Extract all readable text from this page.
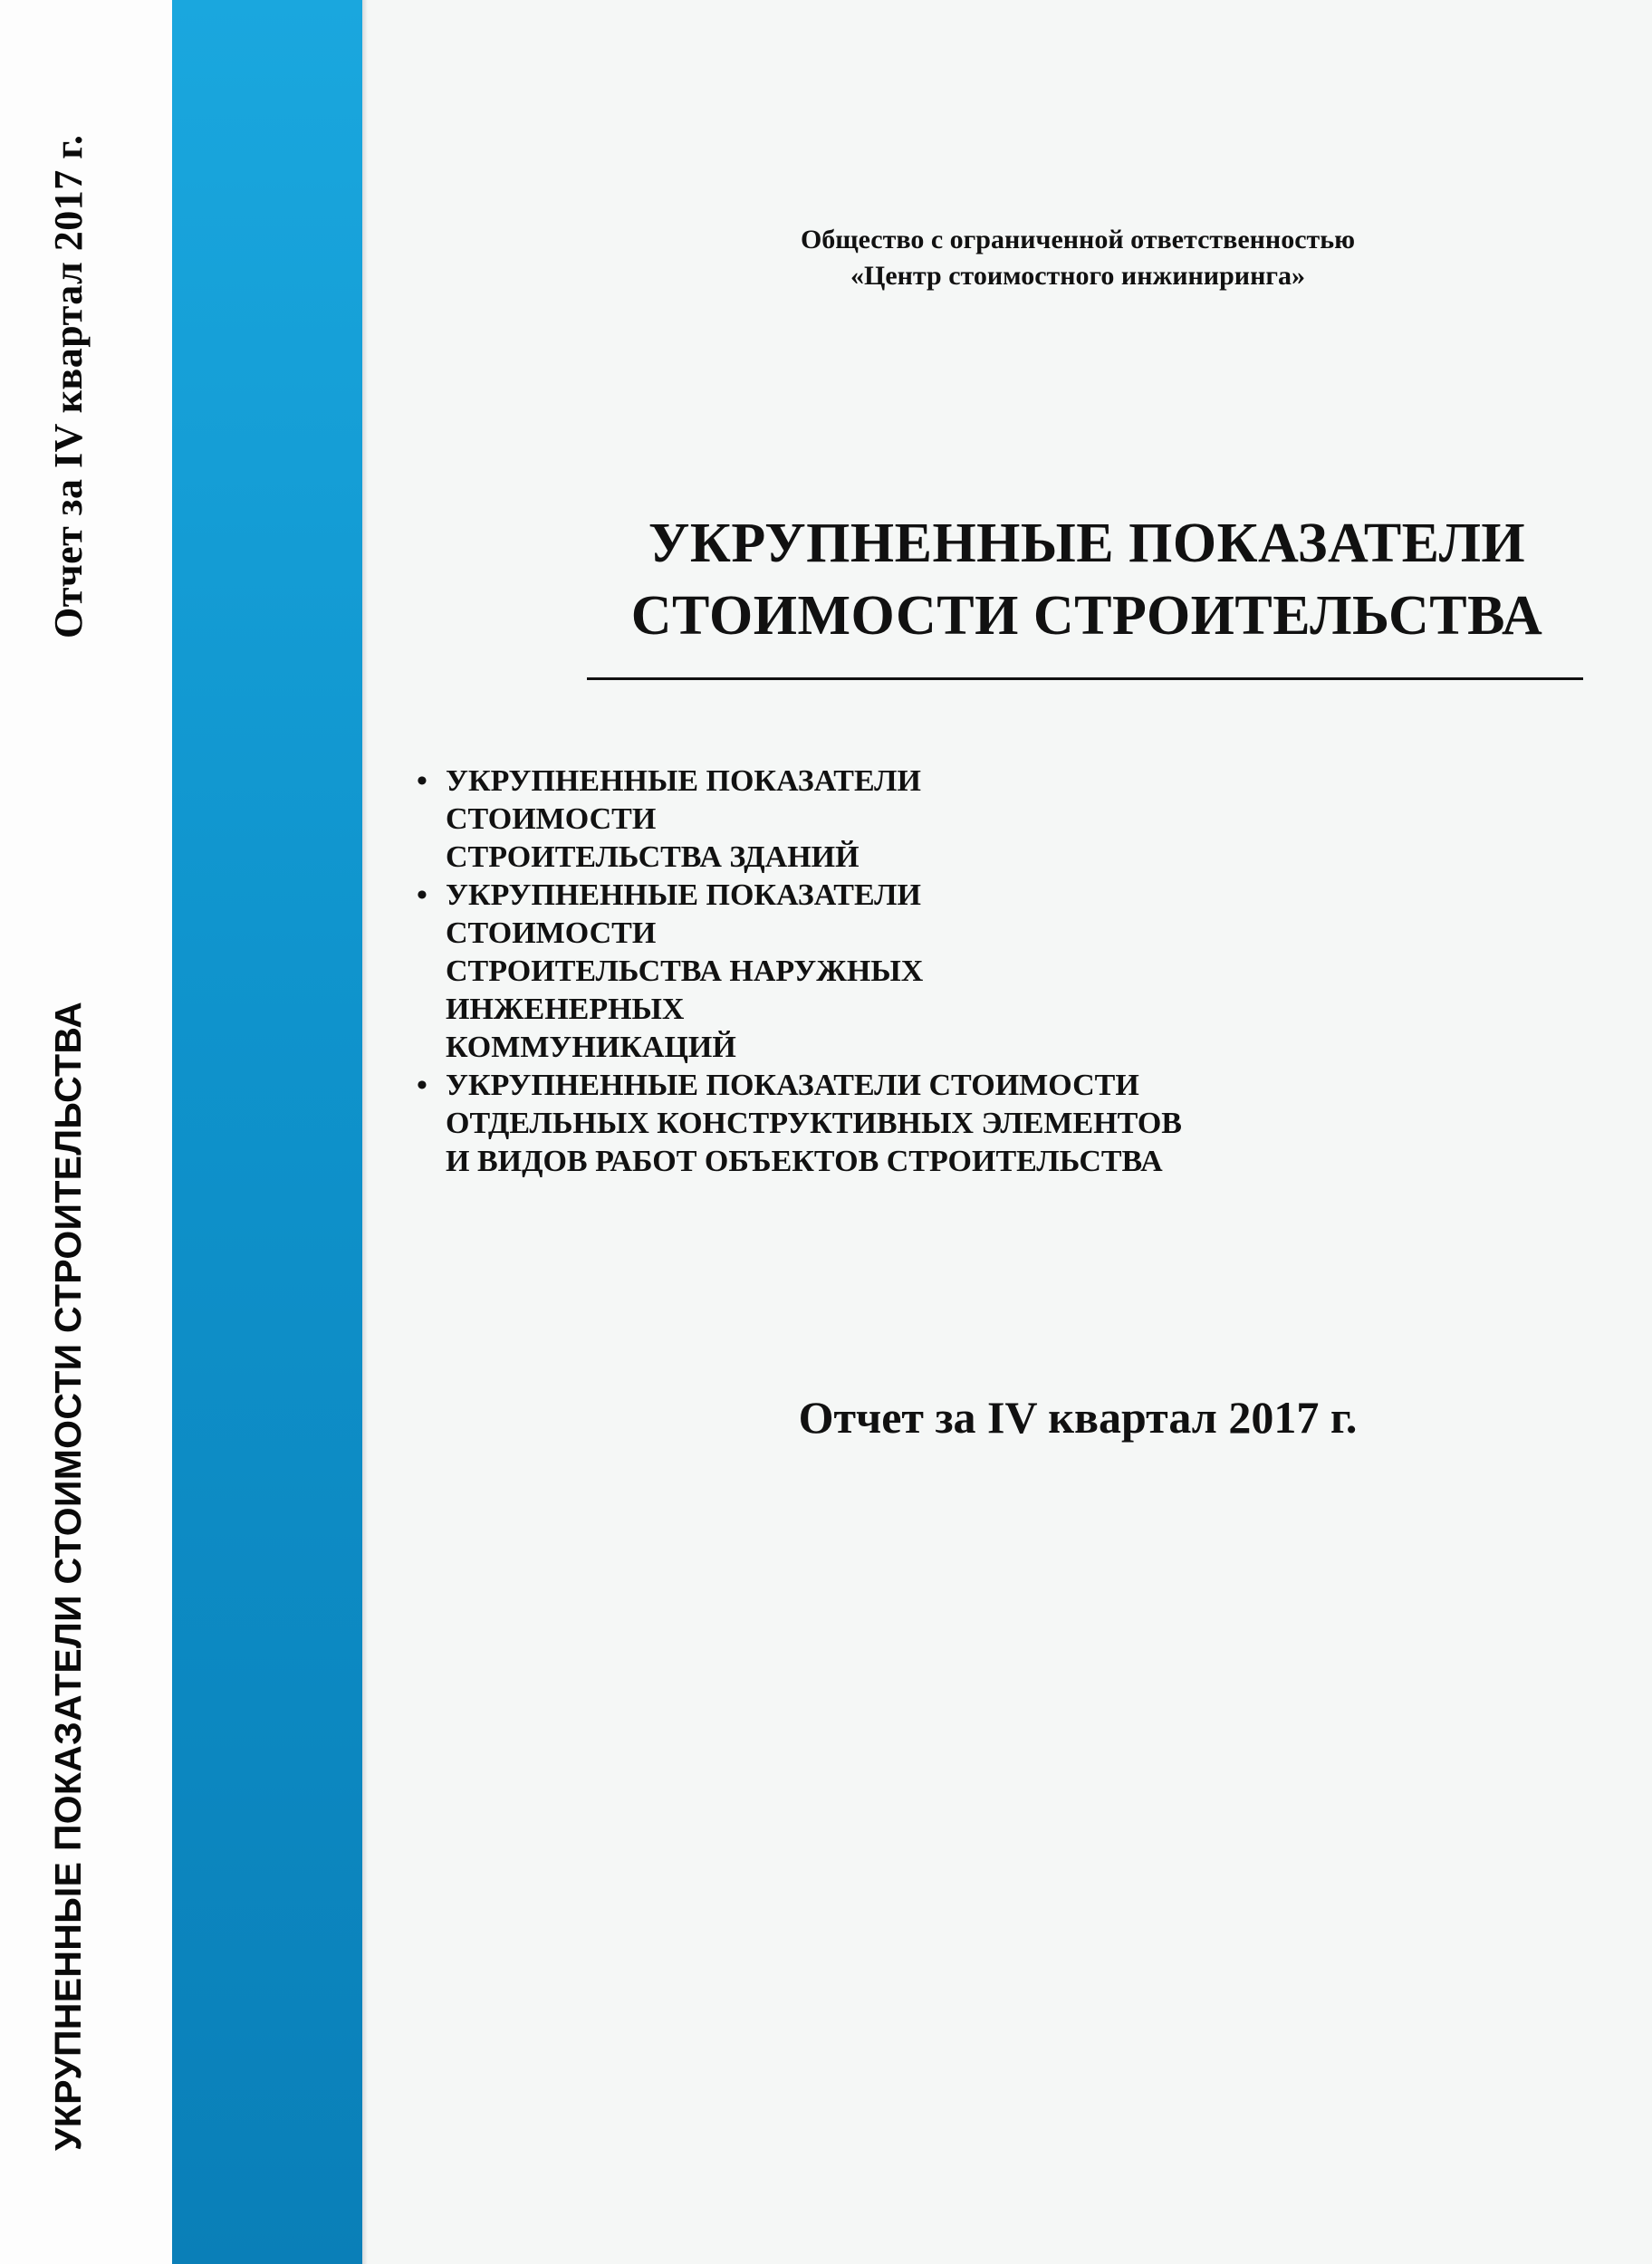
Отчет за IV квартал 2017 г.
УКРУПНЕННЫЕ ПОКАЗАТЕЛИ СТОИМОСТИ СТРОИТЕЛЬСТВА
Общество с ограниченной ответственностью
«Центр стоимостного инжиниринга»
УКРУПНЕННЫЕ ПОКАЗАТЕЛИ
СТОИМОСТИ СТРОИТЕЛЬСТВА
• УКРУПНЕННЫЕ ПОКАЗАТЕЛИ
СТОИМОСТИ
СТРОИТЕЛЬСТВА ЗДАНИЙ
• УКРУПНЕННЫЕ ПОКАЗАТЕЛИ
СТОИМОСТИ
СТРОИТЕЛЬСТВА НАРУЖНЫХ
ИНЖЕНЕРНЫХ
КОММУНИКАЦИЙ
• УКРУПНЕННЫЕ ПОКАЗАТЕЛИ СТОИМОСТИ
ОТДЕЛЬНЫХ КОНСТРУКТИВНЫХ ЭЛЕМЕНТОВ
И ВИДОВ РАБОТ ОБЪЕКТОВ СТРОИТЕЛЬСТВА
Отчет за IV квартал 2017 г.
